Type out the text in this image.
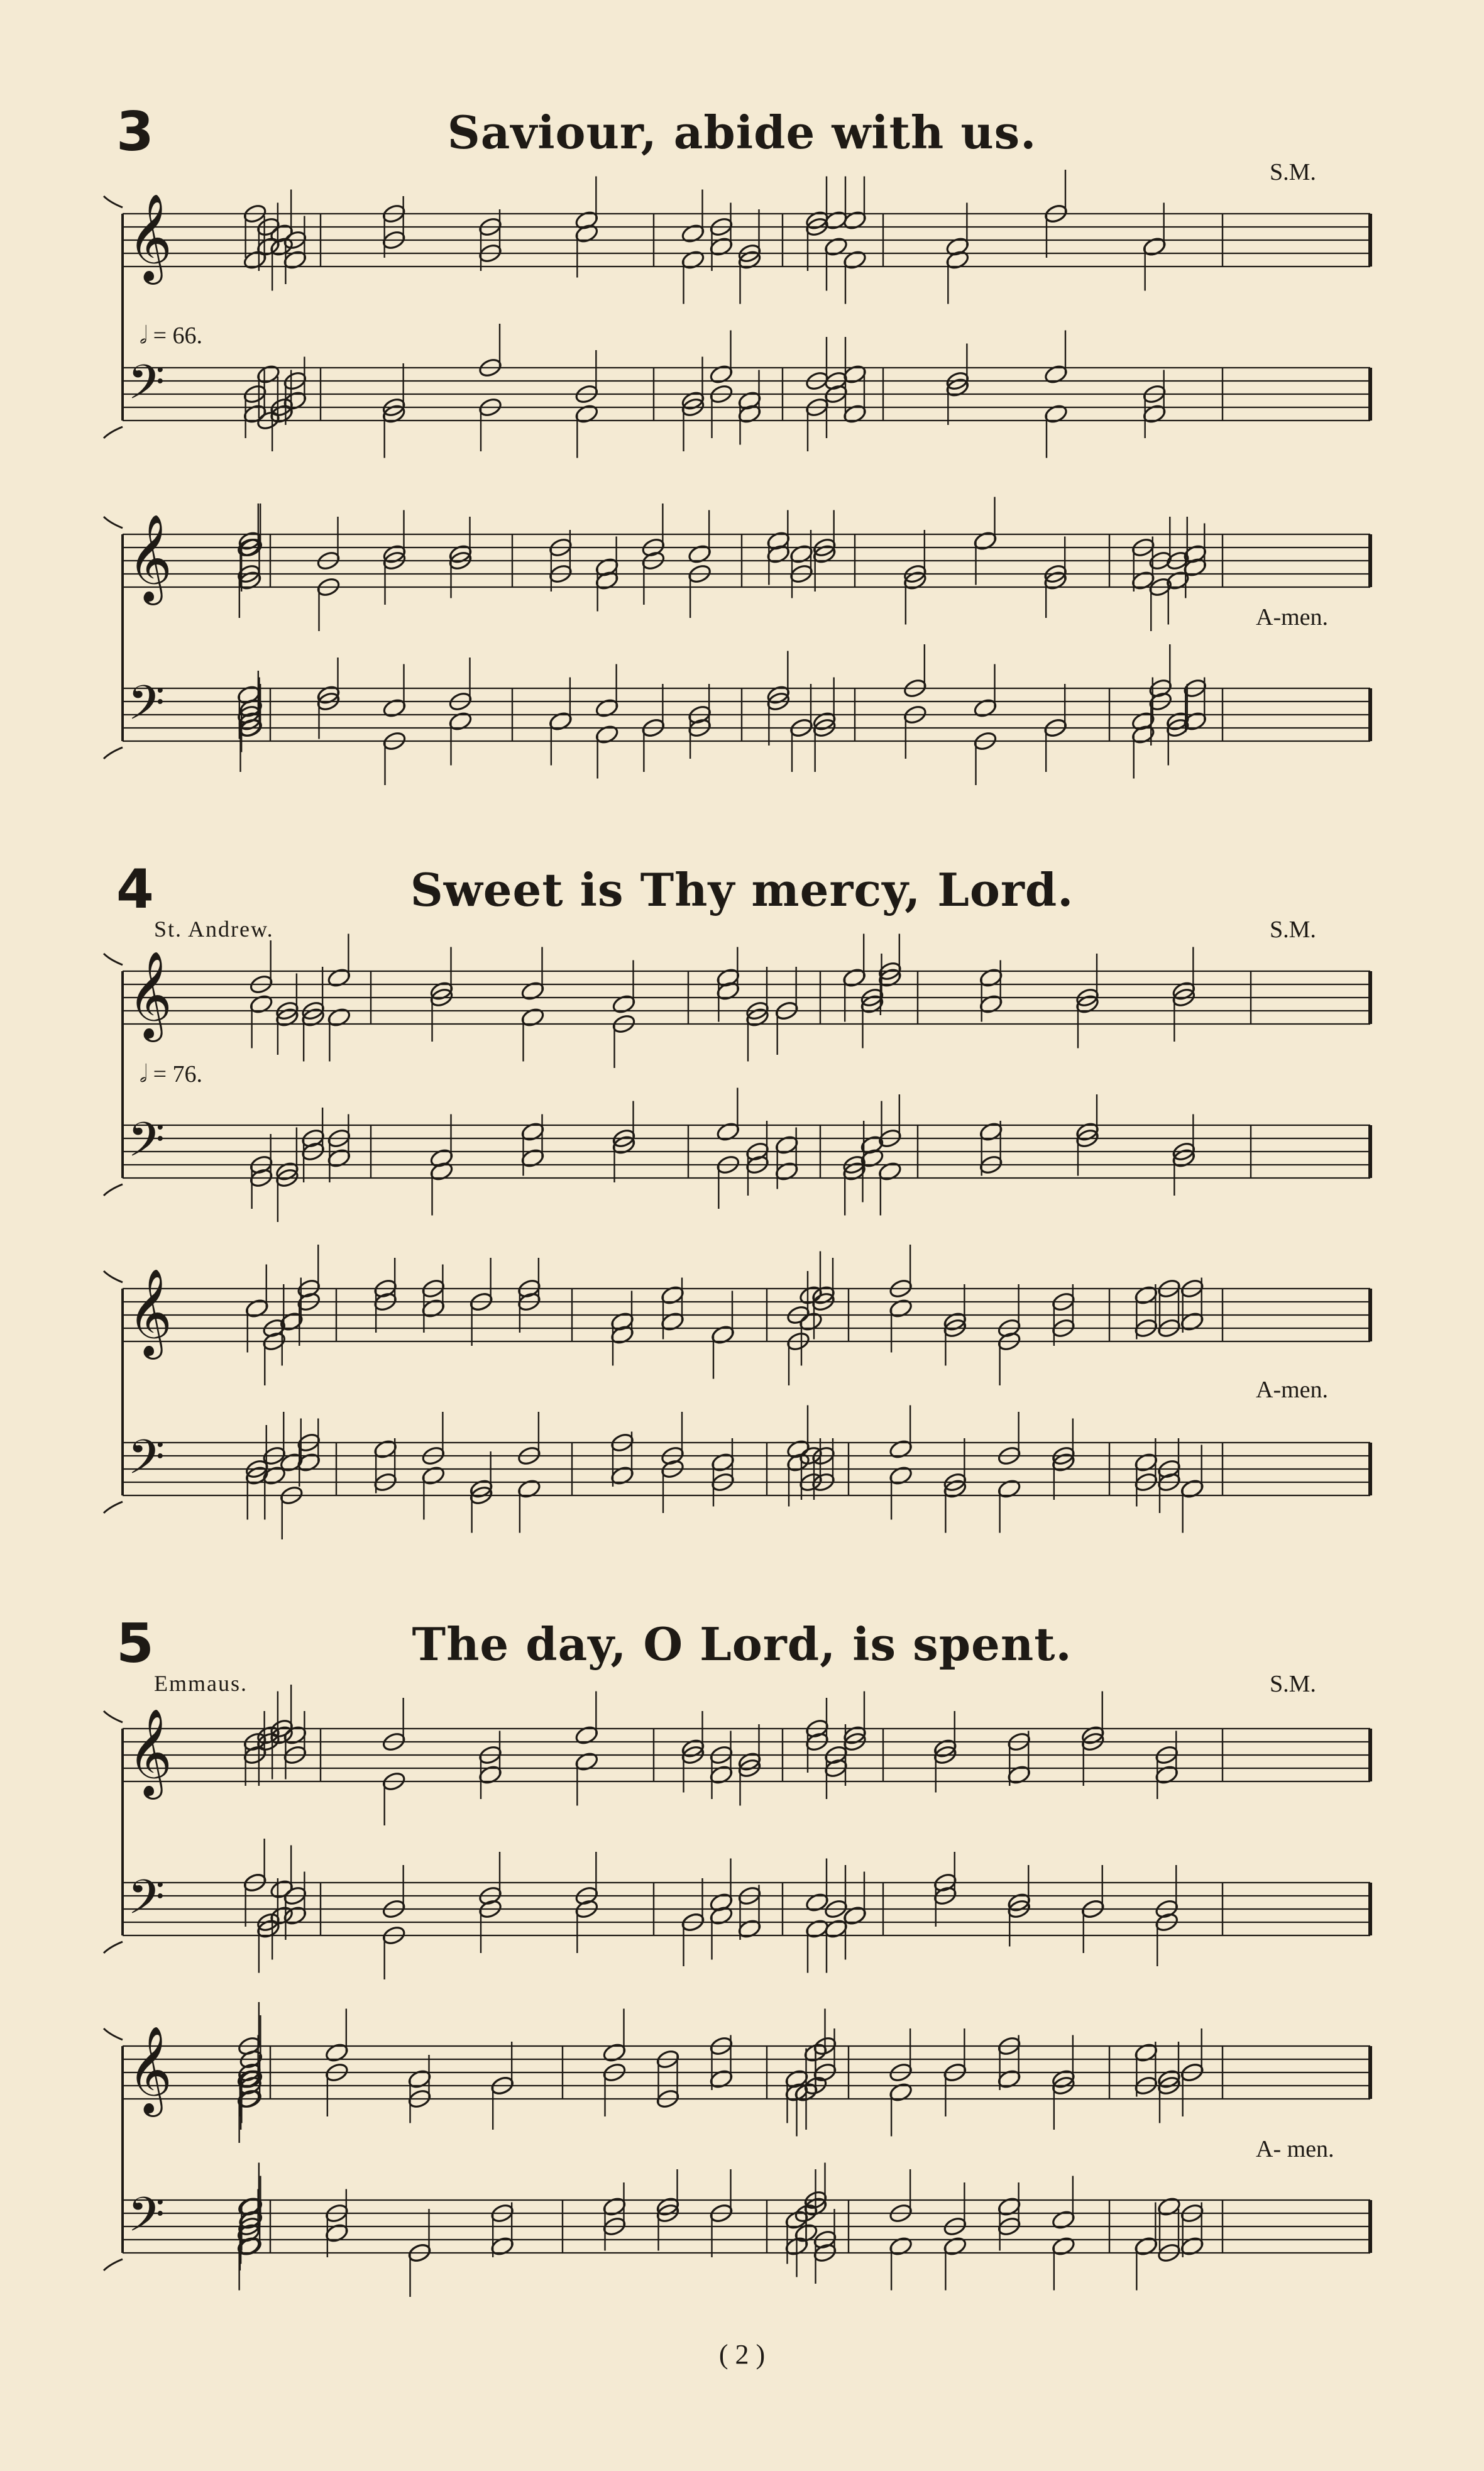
𝄞
𝄢
𝄞
𝄢
𝄞
𝄢
𝄞
𝄢
𝄞
𝄢
𝄞
𝄢
3	Saviour, abide with us.
S.M.
𝅗𝅥 = 66.
A-men.
4	Sweet is Thy mercy, Lord.
St. Andrew.	S.M.
𝅗𝅥 = 76.
A-men.
5	The day, O Lord, is spent.
Emmaus.	S.M.
A- men.
( 2 )
